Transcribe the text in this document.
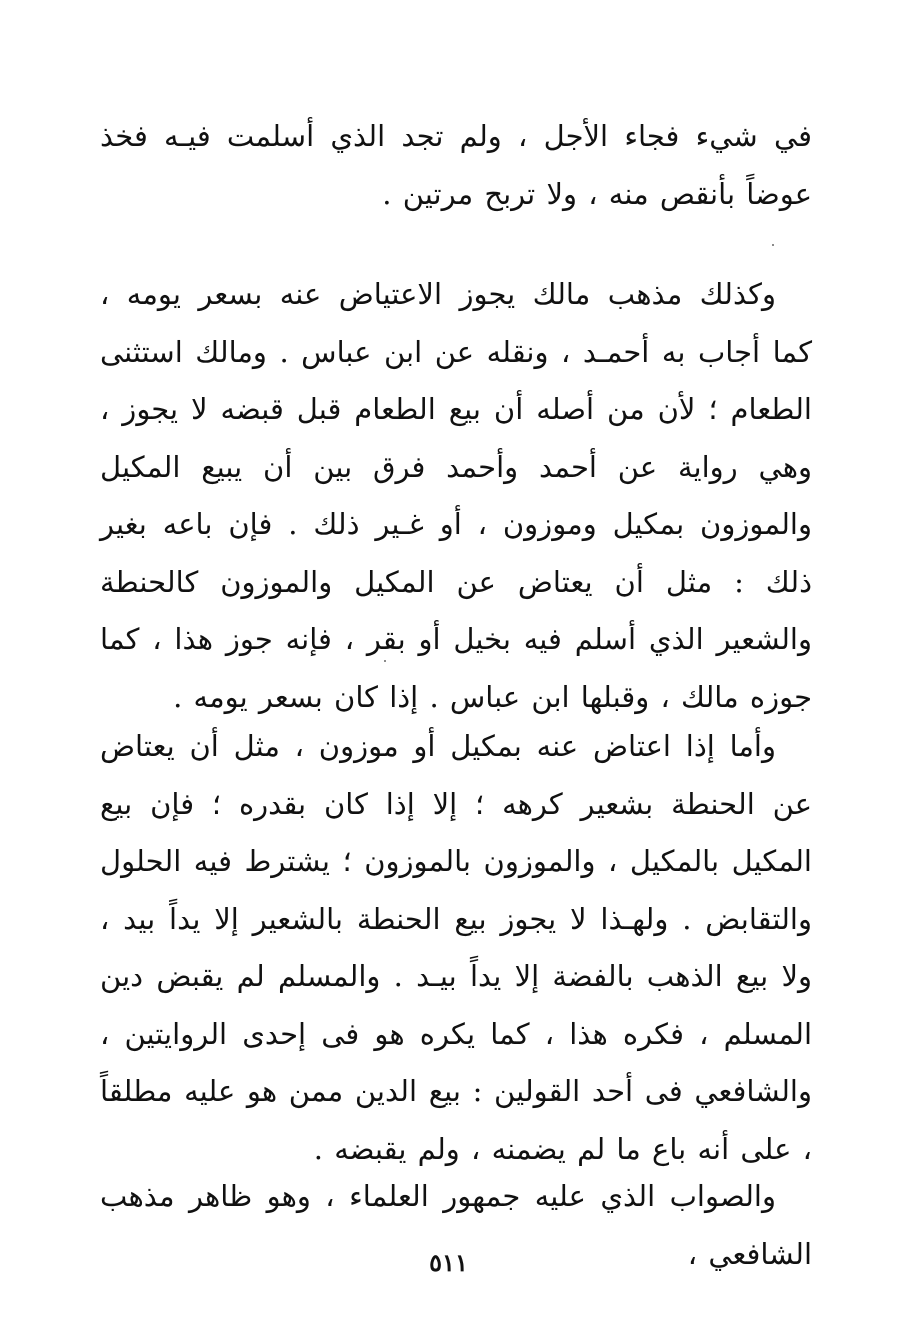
في شيء فجاء الأجل ، ولم تجد الذي أسلمت فيـه فخذ عوضاً بأنقص منه ، ولا تربح مرتين .

وكذلك مذهب مالك يجوز الاعتياض عنه بسعر يومه ، كما أجاب به أحمـد ، ونقله عن ابن عباس . ومالك استثنى الطعام ؛ لأن من أصله أن بيع الطعام قبل قبضه لا يجوز ، وهي رواية عن أحمد وأحمد فرق بين أن يبيع المكيل والموزون بمكيل وموزون ، أو غـير ذلك . فإن باعه بغير ذلك : مثل أن يعتاض عن المكيل والموزون كالحنطة والشعير الذي أسلم فيه بخيل أو بقر ، فإنه جوز هذا ، كما جوزه مالك ، وقبلها ابن عباس . إذا كان بسعر يومه .

وأما إذا اعتاض عنه بمكيل أو موزون ، مثل أن يعتاض عن الحنطة بشعير كرهه ؛ إلا إذا كان بقدره ؛ فإن بيع المكيل بالمكيل ، والموزون بالموزون ؛ يشترط فيه الحلول والتقابض . ولهـذا لا يجوز بيع الحنطة بالشعير إلا يداً بيد ، ولا بيع الذهب بالفضة إلا يداً بيـد . والمسلم لم يقبض دين المسلم ، فكره هذا ، كما يكره هو فى إحدى الروايتين ، والشافعي فى أحد القولين : بيع الدين ممن هو عليه مطلقاً ، على أنه باع ما لم يضمنه ، ولم يقبضه .

والصواب الذي عليه جمهور العلماء ، وهو ظاهر مذهب الشافعي ،

٥١١
